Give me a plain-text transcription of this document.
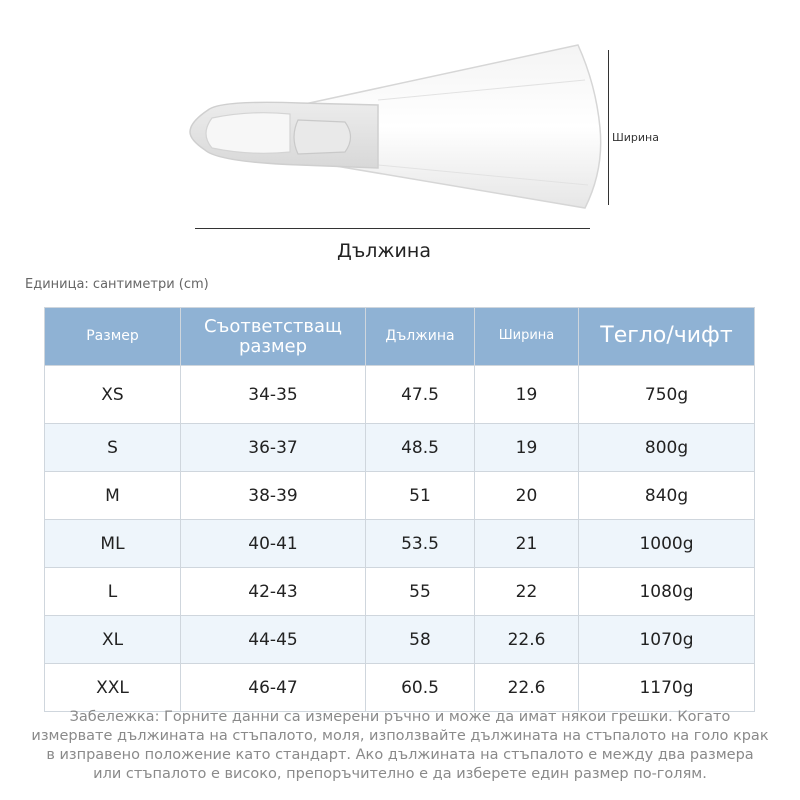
Ширина
Дължина
Единица: сантиметри (cm)
Размер	Съответстващ размер	Дължина	Ширина	Тегло/чифт
XS	34-35	47.5	19	750g
S	36-37	48.5	19	800g
M	38-39	51	20	840g
ML	40-41	53.5	21	1000g
L	42-43	55	22	1080g
XL	44-45	58	22.6	1070g
XXL	46-47	60.5	22.6	1170g
Забележка: Горните данни са измерени ръчно и може да имат някои грешки. Когато измервате дължината на стъпалото, моля, използвайте дължината на стъпалото на голо крак в изправено положение като стандарт. Ако дължината на стъпалото е между два размера или стъпалото е високо, препоръчително е да изберете един размер по-голям.
